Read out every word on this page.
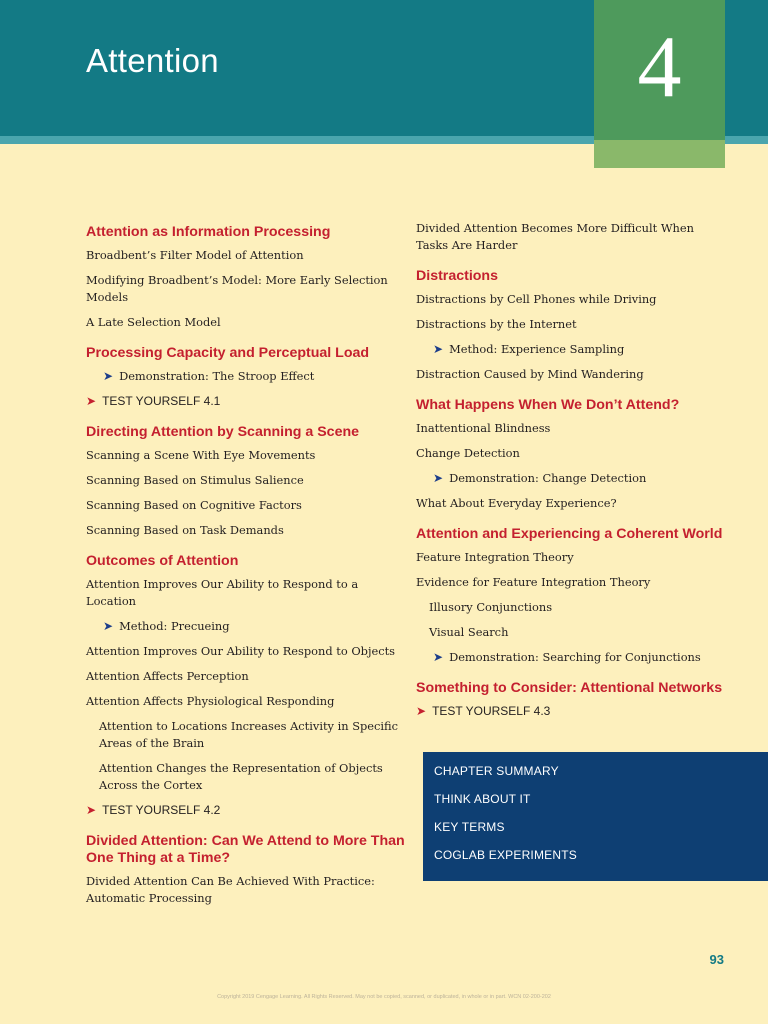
Attention	4
Attention as Information Processing
Broadbent’s Filter Model of Attention
Modifying Broadbent’s Model: More Early Selection Models
A Late Selection Model
Processing Capacity and Perceptual Load
➤ Demonstration: The Stroop Effect
➤ TEST YOURSELF 4.1
Directing Attention by Scanning a Scene
Scanning a Scene With Eye Movements
Scanning Based on Stimulus Salience
Scanning Based on Cognitive Factors
Scanning Based on Task Demands
Outcomes of Attention
Attention Improves Our Ability to Respond to a Location
➤ Method: Precueing
Attention Improves Our Ability to Respond to Objects
Attention Affects Perception
Attention Affects Physiological Responding
Attention to Locations Increases Activity in Specific
Areas of the Brain
Attention Changes the Representation of Objects
Across the Cortex
➤ TEST YOURSELF 4.2
Divided Attention: Can We Attend to More Than
One Thing at a Time?
Divided Attention Can Be Achieved With Practice:
Automatic Processing
Divided Attention Becomes More Difficult When
Tasks Are Harder
Distractions
Distractions by Cell Phones while Driving
Distractions by the Internet
➤ Method: Experience Sampling
Distraction Caused by Mind Wandering
What Happens When We Don’t Attend?
Inattentional Blindness
Change Detection
➤ Demonstration: Change Detection
What About Everyday Experience?
Attention and Experiencing a Coherent World
Feature Integration Theory
Evidence for Feature Integration Theory
Illusory Conjunctions
Visual Search
➤ Demonstration: Searching for Conjunctions
Something to Consider: Attentional Networks
➤ TEST YOURSELF 4.3
CHAPTER SUMMARY
THINK ABOUT IT
KEY TERMS
COGLAB EXPERIMENTS
93
Copyright 2019 Cengage Learning. All Rights Reserved. May not be copied, scanned, or duplicated, in whole or in part. WCN 02-200-202
